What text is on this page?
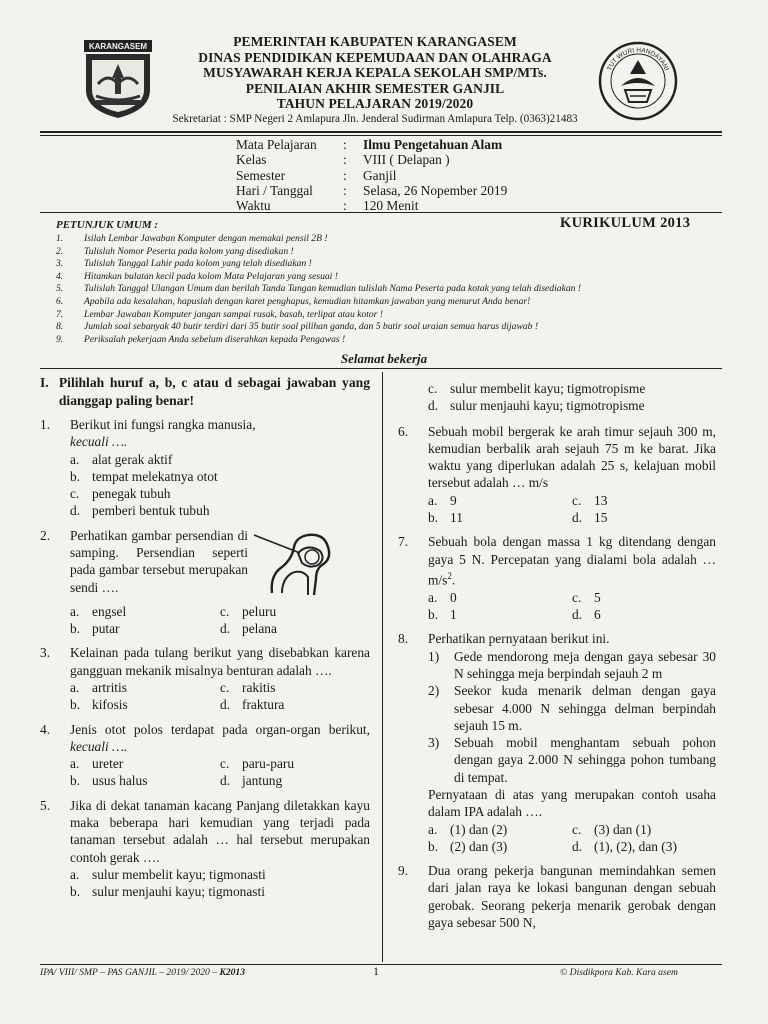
KARANGASEM	PEMERINTAH KABUPATEN KARANGASEM
DINAS PENDIDIKAN KEPEMUDAAN DAN OLAHRAGA
MUSYAWARAH KERJA KEPALA SEKOLAH SMP/MTs.
PENILAIAN AKHIR SEMESTER GANJIL
TAHUN PELAJARAN 2019/2020
Sekretariat : SMP Negeri 2 Amlapura Jln. Jenderal Sudirman Amlapura Telp. (0363)21483
TUT WURI HANDAYANI
Mata Pelajaran	:	Ilmu Pengetahuan Alam
Kelas	:	VIII ( Delapan )
Semester	:	Ganjil
Hari / Tanggal	:	Selasa, 26 Nopember 2019
Waktu	:	120 Menit
PETUNJUK UMUM :	KURIKULUM 2013
1.	Isilah Lembar Jawaban Komputer dengan memakai pensil 2B !
2.	Tulislah Nomor Peserta pada kolom yang disediakan !
3.	Tulislah Tanggal Lahir pada kolom yang telah disediakan !
4.	Hitamkan bulatan kecil pada kolom Mata Pelajaran yang sesuai !
5.	Tulislah Tanggal Ulangan Umum dan berilah Tanda Tangan kemudian tulislah Nama Peserta pada kotak yang telah disediakan !
6.	Apabila ada kesalahan, hapuslah dengan karet penghapus, kemudian hitamkan jawaban yang menurut Anda benar!
7.	Lembar Jawaban Komputer jangan sampai rusak, basah, terlipat atau kotor !
8.	Jumlah soal sebanyak 40 butir terdiri dari 35 butir soal pilihan ganda, dan 5 butir soal uraian semua harus dijawab !
9.	Periksalah pekerjaan Anda sebelum diserahkan kepada Pengawas !
Selamat bekerja
I. Pilihlah huruf a, b, c atau d sebagai jawaban yang dianggap paling benar!
1.	Berikut ini fungsi rangka manusia,
kecuali ….
a. alat gerak aktif
b. tempat melekatnya otot
c. penegak tubuh
d. pemberi bentuk tubuh
2.	Perhatikan gambar persendian di samping. Persendian seperti pada gambar tersebut merupakan sendi ….
a. engsel	c. peluru
b. putar	d. pelana
3.	Kelainan pada tulang berikut yang disebabkan karena gangguan mekanik misalnya benturan adalah ….
a. artritis	c. rakitis
b. kifosis	d. fraktura
4.	Jenis otot polos terdapat pada organ-organ berikut, kecuali ….
a. ureter	c. paru-paru
b. usus halus	d. jantung
5.	Jika di dekat tanaman kacang Panjang diletakkan kayu maka beberapa hari kemudian yang terjadi pada tanaman tersebut adalah … hal tersebut merupakan contoh gerak ….
a. sulur membelit kayu; tigmonasti
b. sulur menjauhi kayu; tigmonasti
c. sulur membelit kayu; tigmotropisme
d. sulur menjauhi kayu; tigmotropisme
6.	Sebuah mobil bergerak ke arah timur sejauh 300 m, kemudian berbalik arah sejauh 75 m ke barat. Jika waktu yang diperlukan adalah 25 s, kelajuan mobil tersebut adalah … m/s
a. 9	c. 13
b. 11	d. 15
7.	Sebuah bola dengan massa 1 kg ditendang dengan gaya 5 N. Percepatan yang dialami bola adalah … $m/s^2$.
a. 0	c. 5
b. 1	d. 6
8.	Perhatikan pernyataan berikut ini.
1)	Gede mendorong meja dengan gaya sebesar 30 N sehingga meja berpindah sejauh 2 m
2)	Seekor kuda menarik delman dengan gaya sebesar 4.000 N sehingga delman berpindah sejauh 15 m.
3)	Sebuah mobil menghantam sebuah pohon dengan gaya 2.000 N sehingga pohon tumbang di tempat.
Pernyataan di atas yang merupakan contoh usaha dalam IPA adalah ….
a. (1) dan (2)	c. (3) dan (1)
b. (2) dan (3)	d. (1), (2), dan (3)
9.	Dua orang pekerja bangunan memindahkan semen dari jalan raya ke lokasi bangunan dengan sebuah gerobak. Seorang pekerja menarik gerobak dengan gaya sebesar 500 N,
IPA/ VIII/ SMP – PAS GANJIL – 2019/ 2020 – K2013	1	© Disdikpora Kab. Kara asem
